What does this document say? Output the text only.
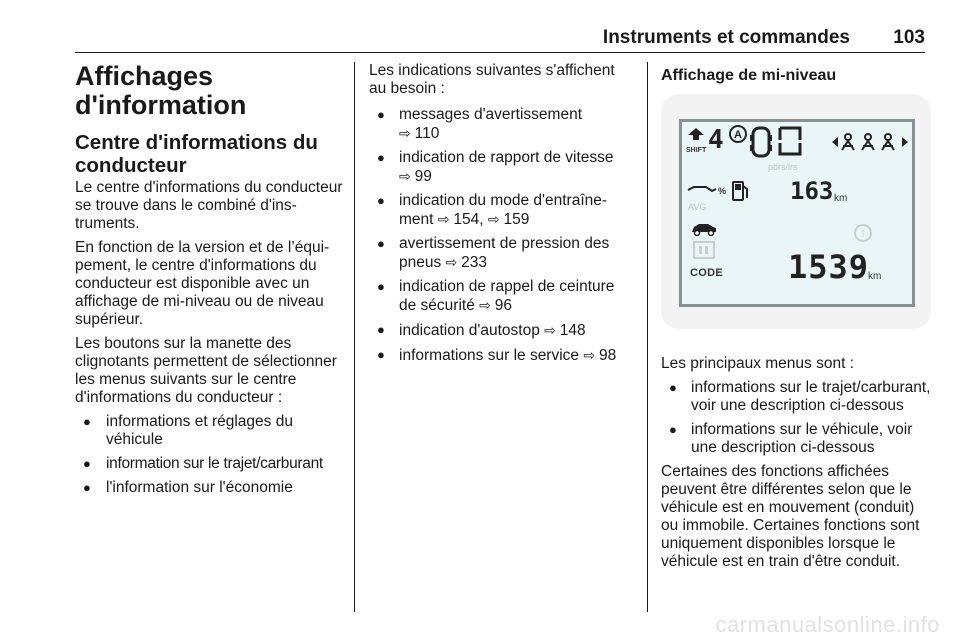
Instruments et commandes 103
Affichages d'information
Centre d'informations du conducteur

Le centre d'informations du conducteur se trouve dans le combiné d'instruments.

En fonction de la version et de l’équipement, le centre d'informations du conducteur est disponible avec un affichage de mi-niveau ou de niveau supérieur.

Les boutons sur la manette des clignotants permettent de sélectionner les menus suivants sur le centre d'informations du conducteur :

● informations et réglages du véhicule
● information sur le trajet/carburant
● l'information sur l'économie

Les indications suivantes s'affichent au besoin :

● messages d'avertissement
⇨ 110
● indication de rapport de vitesse
⇨ 99
● indication du mode d'entraînement ⇨ 154, ⇨ 159
● avertissement de pression des pneus ⇨ 233
● indication de rappel de ceinture de sécurité ⇨ 96
● indication d'autostop ⇨ 148
● informations sur le service ⇨ 98
Affichage de mi-niveau
SHIFT 4 A
pbrs/lrs
%
AVG
163 km
!
CODE 1539
km

Les principaux menus sont :

● informations sur le trajet/carburant, voir une description ci-dessous
● informations sur le véhicule, voir une description ci-dessous

Certaines des fonctions affichées peuvent être différentes selon que le véhicule est en mouvement (conduit) ou immobile. Certaines fonctions sont uniquement disponibles lorsque le véhicule est en train d'être conduit.

carmanualsonline.info
